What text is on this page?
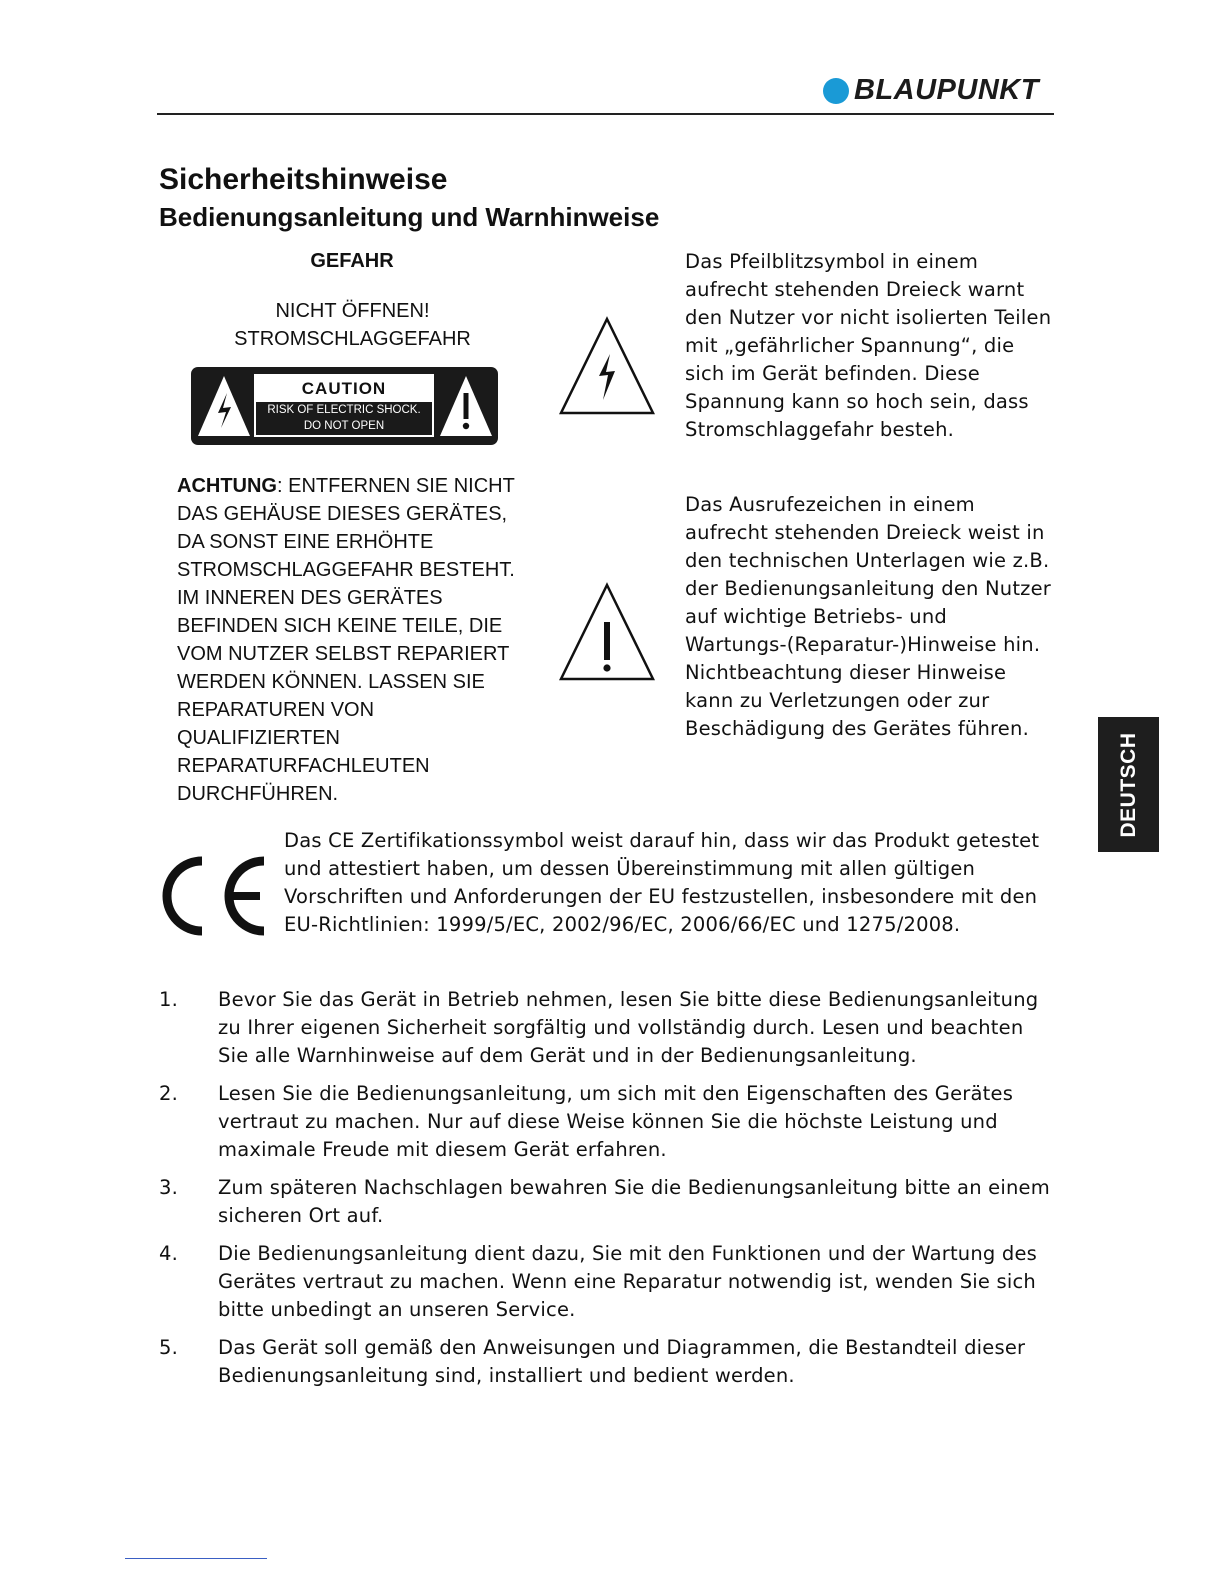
BLAUPUNKT
Sicherheitshinweise
Bedienungsanleitung und Warnhinweise
GEFAHR
NICHT ÖFFNEN!
STROMSCHLAGGEFAHR
CAUTION
RISK OF ELECTRIC SHOCK.
DO NOT OPEN

ACHTUNG: ENTFERNEN SIE NICHT DAS GEHÄUSE DIESES GERÄTES, DA SONST EINE ERHÖHTE STROMSCHLAGGEFAHR BESTEHT. IM INNEREN DES GERÄTES BEFINDEN SICH KEINE TEILE, DIE VOM NUTZER SELBST REPARIERT WERDEN KÖNNEN. LASSEN SIE REPARATUREN VON QUALIFIZIERTEN REPARATURFACHLEUTEN DURCHFÜHREN.

Das Pfeilblitzsymbol in einem aufrecht stehenden Dreieck warnt den Nutzer vor nicht isolierten Teilen mit „gefährlicher Spannung“, die sich im Gerät befinden. Diese Spannung kann so hoch sein, dass Stromschlaggefahr besteh.

Das Ausrufezeichen in einem aufrecht stehenden Dreieck weist in den technischen Unterlagen wie z.B. der Bedienungsanleitung den Nutzer auf wichtige Betriebs- und Wartungs-(Reparatur-)Hinweise hin. Nichtbeachtung dieser Hinweise kann zu Verletzungen oder zur Beschädigung des Gerätes führen.

Das CE Zertifikationssymbol weist darauf hin, dass wir das Produkt getestet und attestiert haben, um dessen Übereinstimmung mit allen gültigen Vorschriften und Anforderungen der EU festzustellen, insbesondere mit den EU-Richtlinien: 1999/5/EC, 2002/96/EC, 2006/66/EC und 1275/2008.

1.	Bevor Sie das Gerät in Betrieb nehmen, lesen Sie bitte diese Bedienungsanleitung zu Ihrer eigenen Sicherheit sorgfältig und vollständig durch. Lesen und beachten Sie alle Warnhinweise auf dem Gerät und in der Bedienungsanleitung.
2.	Lesen Sie die Bedienungsanleitung, um sich mit den Eigenschaften des Gerätes vertraut zu machen. Nur auf diese Weise können Sie die höchste Leistung und maximale Freude mit diesem Gerät erfahren.
3.	Zum späteren Nachschlagen bewahren Sie die Bedienungsanleitung bitte an einem sicheren Ort auf.
4.	Die Bedienungsanleitung dient dazu, Sie mit den Funktionen und der Wartung des Gerätes vertraut zu machen. Wenn eine Reparatur notwendig ist, wenden Sie sich bitte unbedingt an unseren Service.
5.	Das Gerät soll gemäß den Anweisungen und Diagrammen, die Bestandteil dieser Bedienungsanleitung sind, installiert und bedient werden.
DEUTSCH
